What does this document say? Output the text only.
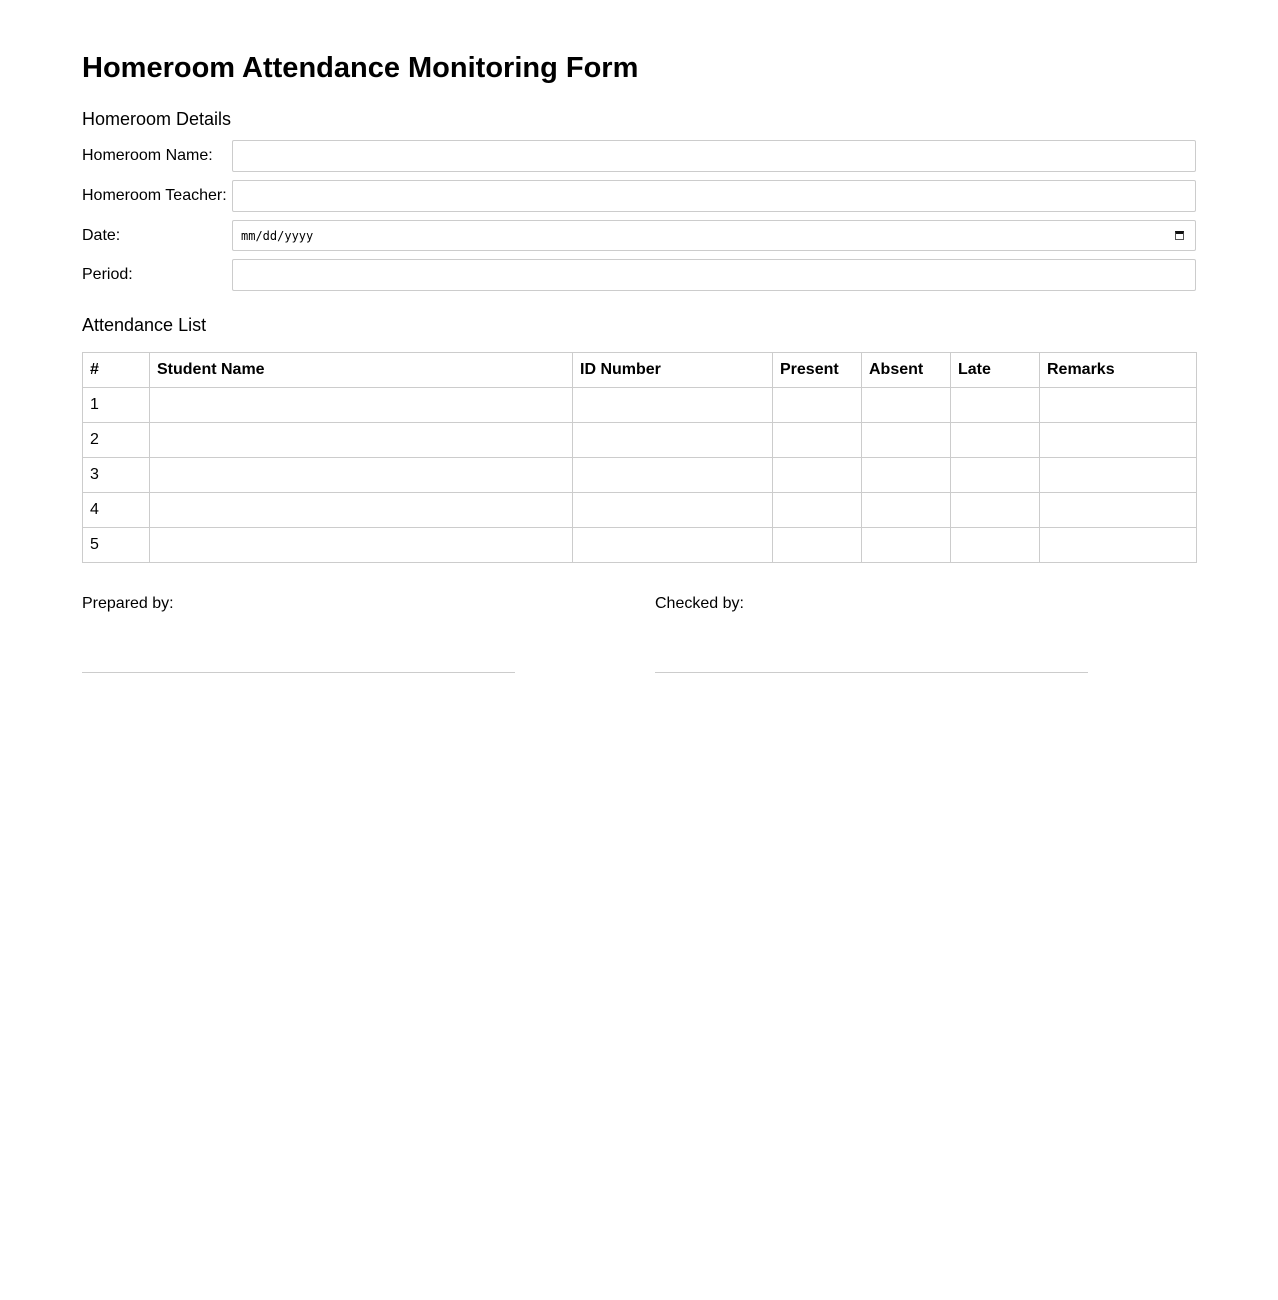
Homeroom Attendance Monitoring Form
Homeroom Details
Homeroom Name:
Homeroom Teacher:
Date:	mm/dd/yyyy
Period:
Attendance List
#	Student Name	ID Number	Present	Absent	Late	Remarks
1						
2						
3						
4						
5						
Prepared by:	Checked by:
